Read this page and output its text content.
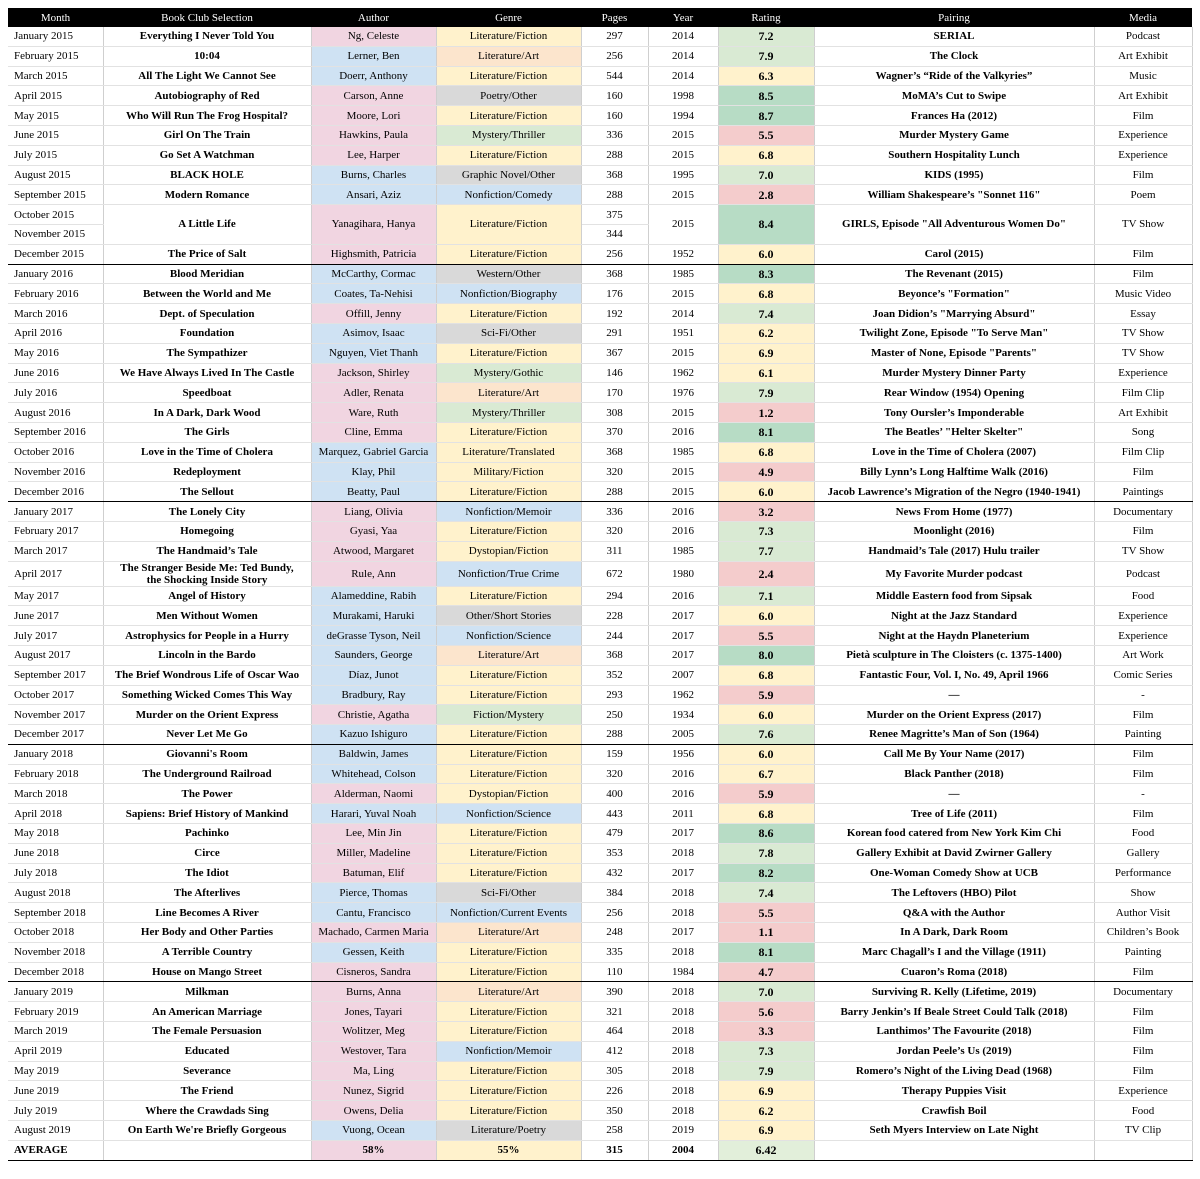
Month	Book Club Selection	Author	Genre	Pages	Year	Rating	Pairing	Media
January 2015	Everything I Never Told You	Ng, Celeste	Literature/Fiction	297	2014	7.2	SERIAL	Podcast
February 2015	10:04	Lerner, Ben	Literature/Art	256	2014	7.9	The Clock	Art Exhibit
March 2015	All The Light We Cannot See	Doerr, Anthony	Literature/Fiction	544	2014	6.3	Wagner’s “Ride of the Valkyries”	Music
April 2015	Autobiography of Red	Carson, Anne	Poetry/Other	160	1998	8.5	MoMA’s Cut to Swipe	Art Exhibit
May 2015	Who Will Run The Frog Hospital?	Moore, Lori	Literature/Fiction	160	1994	8.7	Frances Ha (2012)	Film
June 2015	Girl On The Train	Hawkins, Paula	Mystery/Thriller	336	2015	5.5	Murder Mystery Game	Experience
July 2015	Go Set A Watchman	Lee, Harper	Literature/Fiction	288	2015	6.8	Southern Hospitality Lunch	Experience
August 2015	BLACK HOLE	Burns, Charles	Graphic Novel/Other	368	1995	7.0	KIDS (1995)	Film
September 2015	Modern Romance	Ansari, Aziz	Nonfiction/Comedy	288	2015	2.8	William Shakespeare’s "Sonnet 116"	Poem
October 2015	A Little Life	Yanagihara, Hanya	Literature/Fiction	375	2015	8.4	GIRLS, Episode "All Adventurous Women Do"	TV Show
November 2015				344				
December 2015	The Price of Salt	Highsmith, Patricia	Literature/Fiction	256	1952	6.0	Carol (2015)	Film
January 2016	Blood Meridian	McCarthy, Cormac	Western/Other	368	1985	8.3	The Revenant (2015)	Film
February 2016	Between the World and Me	Coates, Ta-Nehisi	Nonfiction/Biography	176	2015	6.8	Beyonce’s "Formation"	Music Video
March 2016	Dept. of Speculation	Offill, Jenny	Literature/Fiction	192	2014	7.4	Joan Didion’s "Marrying Absurd"	Essay
April 2016	Foundation	Asimov, Isaac	Sci-Fi/Other	291	1951	6.2	Twilight Zone, Episode "To Serve Man"	TV Show
May 2016	The Sympathizer	Nguyen, Viet Thanh	Literature/Fiction	367	2015	6.9	Master of None, Episode "Parents"	TV Show
June 2016	We Have Always Lived In The Castle	Jackson, Shirley	Mystery/Gothic	146	1962	6.1	Murder Mystery Dinner Party	Experience
July 2016	Speedboat	Adler, Renata	Literature/Art	170	1976	7.9	Rear Window (1954) Opening	Film Clip
August 2016	In A Dark, Dark Wood	Ware, Ruth	Mystery/Thriller	308	2015	1.2	Tony Oursler’s Imponderable	Art Exhibit
September 2016	The Girls	Cline, Emma	Literature/Fiction	370	2016	8.1	The Beatles’ "Helter Skelter"	Song
October 2016	Love in the Time of Cholera	Marquez, Gabriel Garcia	Literature/Translated	368	1985	6.8	Love in the Time of Cholera (2007)	Film Clip
November 2016	Redeployment	Klay, Phil	Military/Fiction	320	2015	4.9	Billy Lynn’s Long Halftime Walk (2016)	Film
December 2016	The Sellout	Beatty, Paul	Literature/Fiction	288	2015	6.0	Jacob Lawrence’s Migration of the Negro (1940-1941)	Paintings
January 2017	The Lonely City	Liang, Olivia	Nonfiction/Memoir	336	2016	3.2	News From Home (1977)	Documentary
February 2017	Homegoing	Gyasi, Yaa	Literature/Fiction	320	2016	7.3	Moonlight (2016)	Film
March 2017	The Handmaid’s Tale	Atwood, Margaret	Dystopian/Fiction	311	1985	7.7	Handmaid’s Tale (2017) Hulu trailer	TV Show
April 2017	The Stranger Beside Me: Ted Bundy,
the Shocking Inside Story	Rule, Ann	Nonfiction/True Crime	672	1980	2.4	My Favorite Murder podcast	Podcast
May 2017	Angel of History	Alameddine, Rabih	Literature/Fiction	294	2016	7.1	Middle Eastern food from Sipsak	Food
June 2017	Men Without Women	Murakami, Haruki	Other/Short Stories	228	2017	6.0	Night at the Jazz Standard	Experience
July 2017	Astrophysics for People in a Hurry	deGrasse Tyson, Neil	Nonfiction/Science	244	2017	5.5	Night at the Haydn Planeterium	Experience
August 2017	Lincoln in the Bardo	Saunders, George	Literature/Art	368	2017	8.0	Pietà sculpture in The Cloisters (c. 1375-1400)	Art Work
September 2017	The Brief Wondrous Life of Oscar Wao	Díaz, Junot	Literature/Fiction	352	2007	6.8	Fantastic Four, Vol. I, No. 49, April 1966	Comic Series
October 2017	Something Wicked Comes This Way	Bradbury, Ray	Literature/Fiction	293	1962	5.9	—	-
November 2017	Murder on the Orient Express	Christie, Agatha	Fiction/Mystery	250	1934	6.0	Murder on the Orient Express (2017)	Film
December 2017	Never Let Me Go	Kazuo Ishiguro	Literature/Fiction	288	2005	7.6	Renee Magritte’s Man of Son (1964)	Painting
January 2018	Giovanni's Room	Baldwin, James	Literature/Fiction	159	1956	6.0	Call Me By Your Name (2017)	Film
February 2018	The Underground Railroad	Whitehead, Colson	Literature/Fiction	320	2016	6.7	Black Panther (2018)	Film
March 2018	The Power	Alderman, Naomi	Dystopian/Fiction	400	2016	5.9	—	-
April 2018	Sapiens: Brief History of Mankind	Harari, Yuval Noah	Nonfiction/Science	443	2011	6.8	Tree of Life (2011)	Film
May 2018	Pachinko	Lee, Min Jin	Literature/Fiction	479	2017	8.6	Korean food catered from New York Kim Chi	Food
June 2018	Circe	Miller, Madeline	Literature/Fiction	353	2018	7.8	Gallery Exhibit at David Zwirner Gallery	Gallery
July 2018	The Idiot	Batuman, Elif	Literature/Fiction	432	2017	8.2	One-Woman Comedy Show at UCB	Performance
August 2018	The Afterlives	Pierce, Thomas	Sci-Fi/Other	384	2018	7.4	The Leftovers (HBO) Pilot	Show
September 2018	Line Becomes A River	Cantu, Francisco	Nonfiction/Current Events	256	2018	5.5	Q&A with the Author	Author Visit
October 2018	Her Body and Other Parties	Machado, Carmen Maria	Literature/Art	248	2017	1.1	In A Dark, Dark Room	Children’s Book
November 2018	A Terrible Country	Gessen, Keith	Literature/Fiction	335	2018	8.1	Marc Chagall’s I and the Village (1911)	Painting
December 2018	House on Mango Street	Cisneros, Sandra	Literature/Fiction	110	1984	4.7	Cuaron’s Roma (2018)	Film
January 2019	Milkman	Burns, Anna	Literature/Art	390	2018	7.0	Surviving R. Kelly (Lifetime, 2019)	Documentary
February 2019	An American Marriage	Jones, Tayari	Literature/Fiction	321	2018	5.6	Barry Jenkin’s If Beale Street Could Talk (2018)	Film
March 2019	The Female Persuasion	Wolitzer, Meg	Literature/Fiction	464	2018	3.3	Lanthimos’ The Favourite (2018)	Film
April 2019	Educated	Westover, Tara	Nonfiction/Memoir	412	2018	7.3	Jordan Peele’s Us (2019)	Film
May 2019	Severance	Ma, Ling	Literature/Fiction	305	2018	7.9	Romero’s Night of the Living Dead (1968)	Film
June 2019	The Friend	Nunez, Sigrid	Literature/Fiction	226	2018	6.9	Therapy Puppies Visit	Experience
July 2019	Where the Crawdads Sing	Owens, Delia	Literature/Fiction	350	2018	6.2	Crawfish Boil	Food
August 2019	On Earth We're Briefly Gorgeous	Vuong, Ocean	Literature/Poetry	258	2019	6.9	Seth Myers Interview on Late Night	TV Clip
AVERAGE		58%	55%	315	2004	6.42		
